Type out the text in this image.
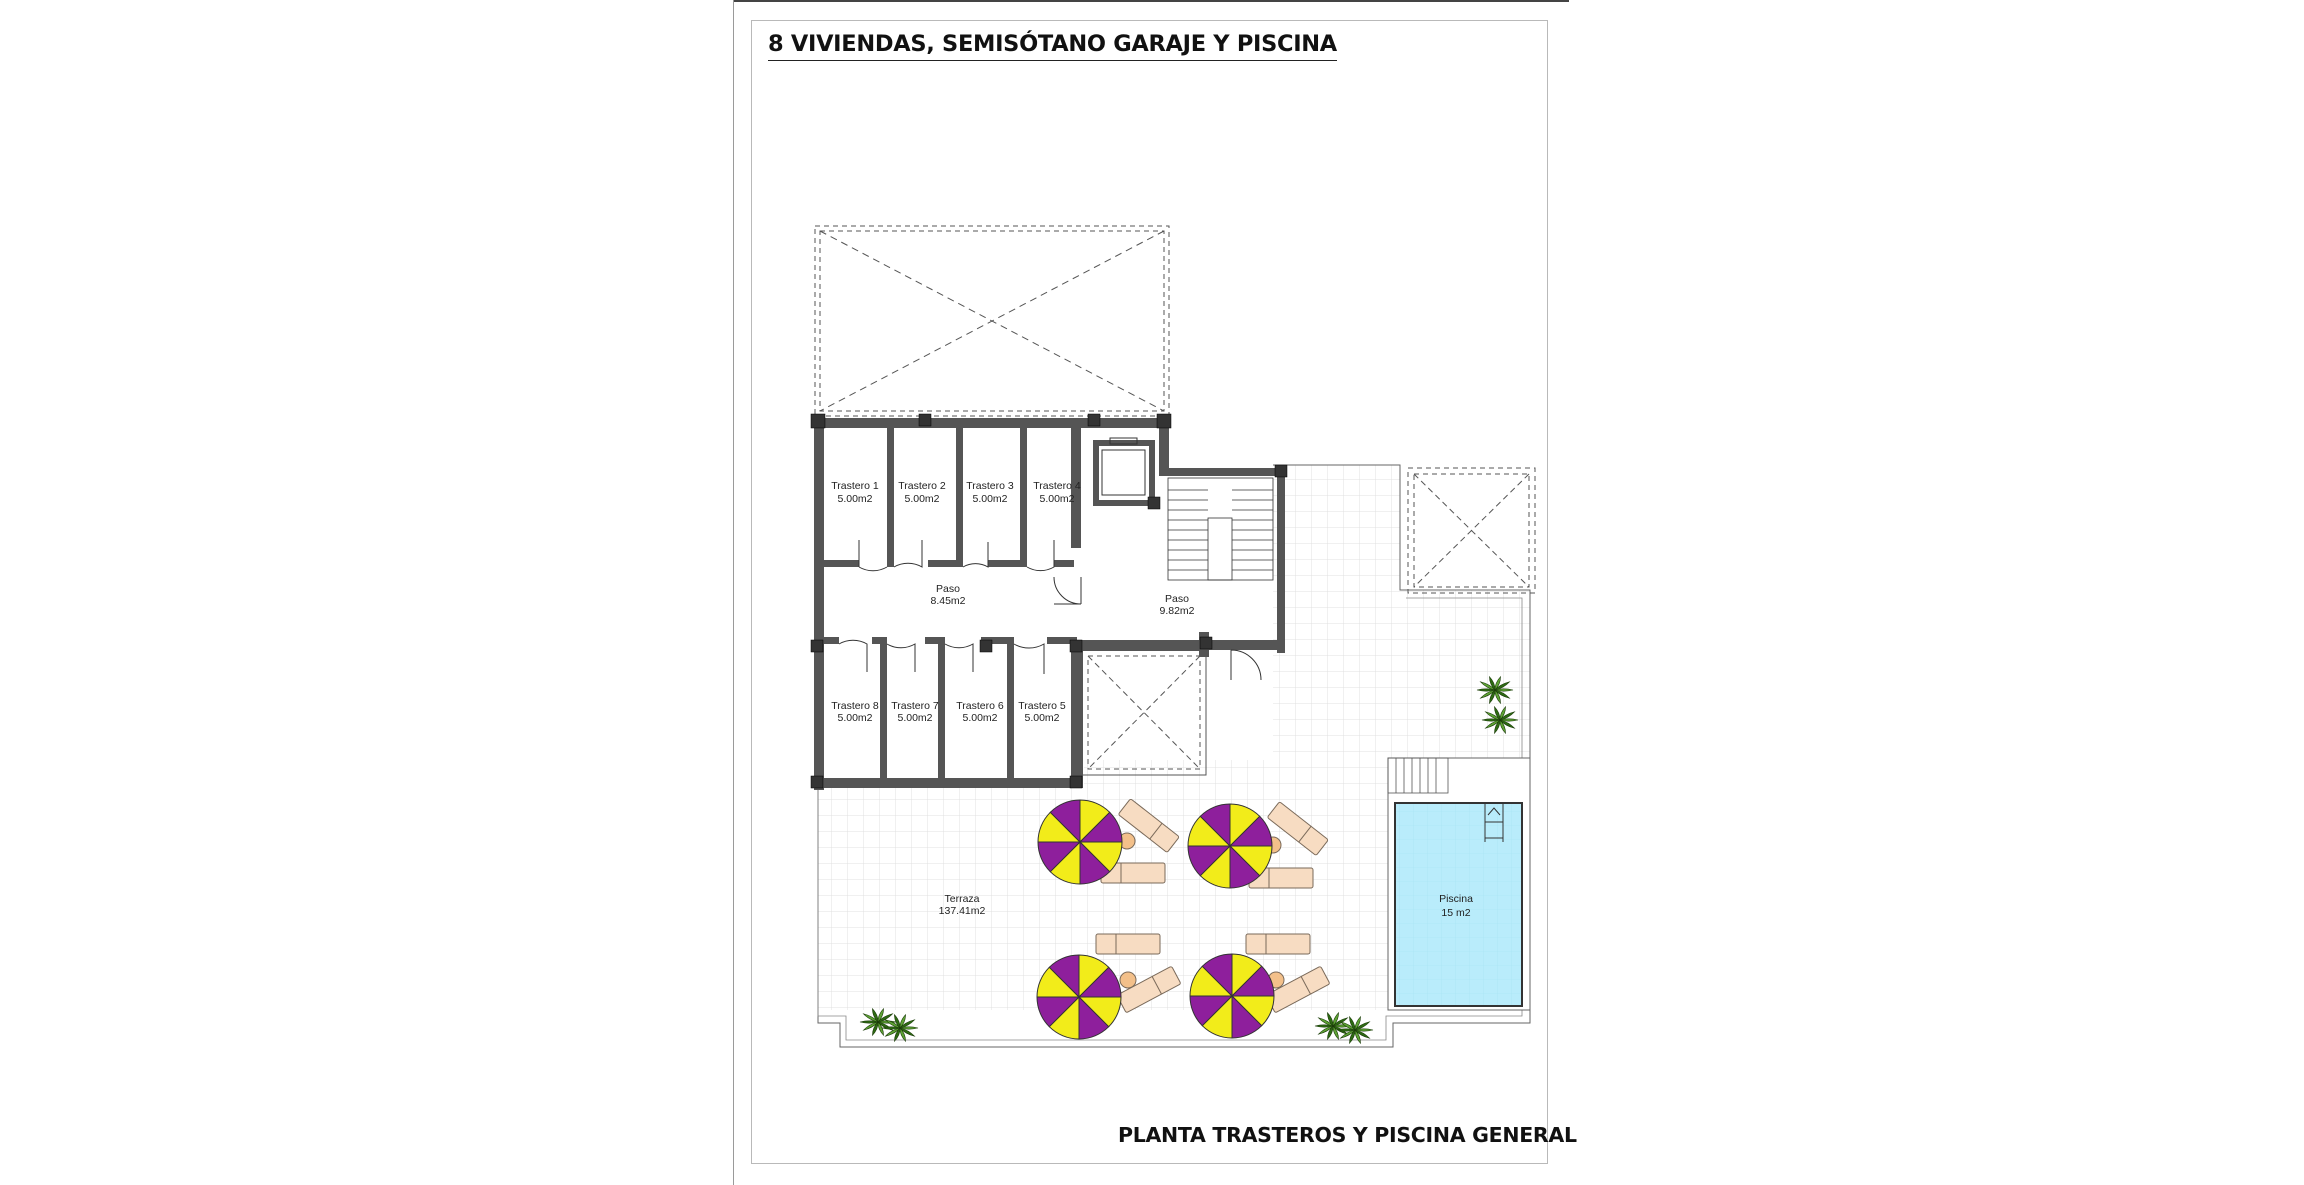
8 VIVIENDAS, SEMISÓTANO GARAJE Y PISCINA
PLANTA TRASTEROS Y PISCINA GENERAL
Trastero 1
5.00m2
Trastero 2
5.00m2
Trastero 3
5.00m2
Trastero 4
5.00m2
Paso
8.45m2	Paso
9.82m2
Trastero 8
5.00m2
Trastero 7
5.00m2
Trastero 6
5.00m2
Trastero 5
5.00m2
Terraza
137.41m2
Piscina
15 m2
